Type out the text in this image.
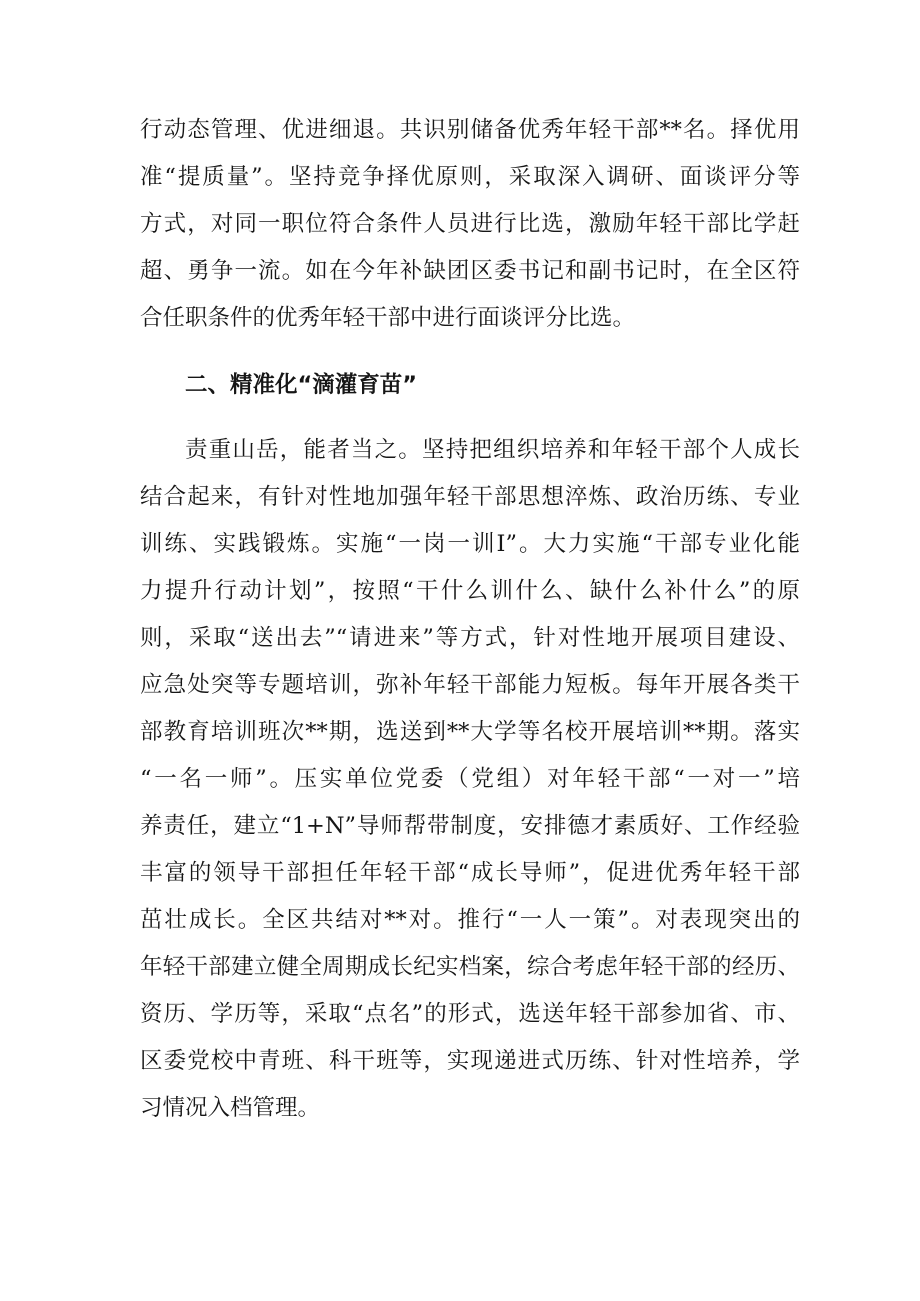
行动态管理、优进细退。共识别储备优秀年轻干部**名。择优用
准“提质量”。坚持竞争择优原则，采取深入调研、面谈评分等
方式，对同一职位符合条件人员进行比选，激励年轻干部比学赶
超、勇争一流。如在今年补缺团区委书记和副书记时，在全区符
合任职条件的优秀年轻干部中进行面谈评分比选。
二、精准化“滴灌育苗”
责重山岳，能者当之。坚持把组织培养和年轻干部个人成长
结合起来，有针对性地加强年轻干部思想淬炼、政治历练、专业
训练、实践锻炼。实施“一岗一训I”。大力实施“干部专业化能
力提升行动计划”，按照“干什么训什么、缺什么补什么”的原
则，采取“送出去”“请进来”等方式，针对性地开展项目建设、
应急处突等专题培训，弥补年轻干部能力短板。每年开展各类干
部教育培训班次**期，选送到**大学等名校开展培训**期。落实
“一名一师”。压实单位党委（党组）对年轻干部“一对一”培
养责任，建立“1+N”导师帮带制度，安排德才素质好、工作经验
丰富的领导干部担任年轻干部“成长导师”，促进优秀年轻干部
茁壮成长。全区共结对**对。推行“一人一策”。对表现突出的
年轻干部建立健全周期成长纪实档案，综合考虑年轻干部的经历、
资历、学历等，采取“点名”的形式，选送年轻干部参加省、市、
区委党校中青班、科干班等，实现递进式历练、针对性培养，学
习情况入档管理。
